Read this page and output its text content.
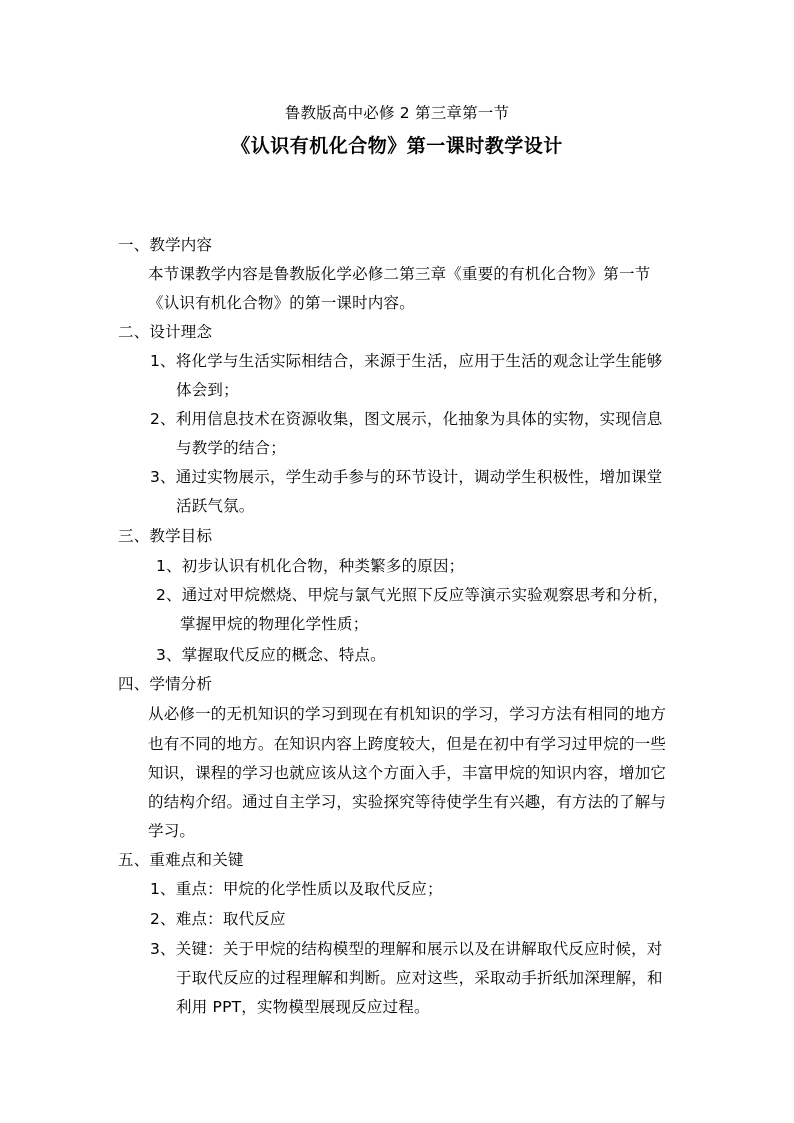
鲁教版高中必修 2 第三章第一节
《认识有机化合物》第一课时教学设计
一、教学内容
本节课教学内容是鲁教版化学必修二第三章《重要的有机化合物》第一节
《认识有机化合物》的第一课时内容。
二、设计理念
1、将化学与生活实际相结合，来源于生活，应用于生活的观念让学生能够
体会到；
2、利用信息技术在资源收集，图文展示，化抽象为具体的实物，实现信息
与教学的结合；
3、通过实物展示，学生动手参与的环节设计，调动学生积极性，增加课堂
活跃气氛。
三、教学目标
1、初步认识有机化合物，种类繁多的原因；
2、通过对甲烷燃烧、甲烷与氯气光照下反应等演示实验观察思考和分析，
掌握甲烷的物理化学性质；
3、掌握取代反应的概念、特点。
四、学情分析
从必修一的无机知识的学习到现在有机知识的学习，学习方法有相同的地方
也有不同的地方。在知识内容上跨度较大，但是在初中有学习过甲烷的一些
知识，课程的学习也就应该从这个方面入手，丰富甲烷的知识内容，增加它
的结构介绍。通过自主学习，实验探究等待使学生有兴趣，有方法的了解与
学习。
五、重难点和关键
1、重点：甲烷的化学性质以及取代反应；
2、难点：取代反应
3、关键：关于甲烷的结构模型的理解和展示以及在讲解取代反应时候，对
于取代反应的过程理解和判断。应对这些，采取动手折纸加深理解，和
利用 PPT，实物模型展现反应过程。
